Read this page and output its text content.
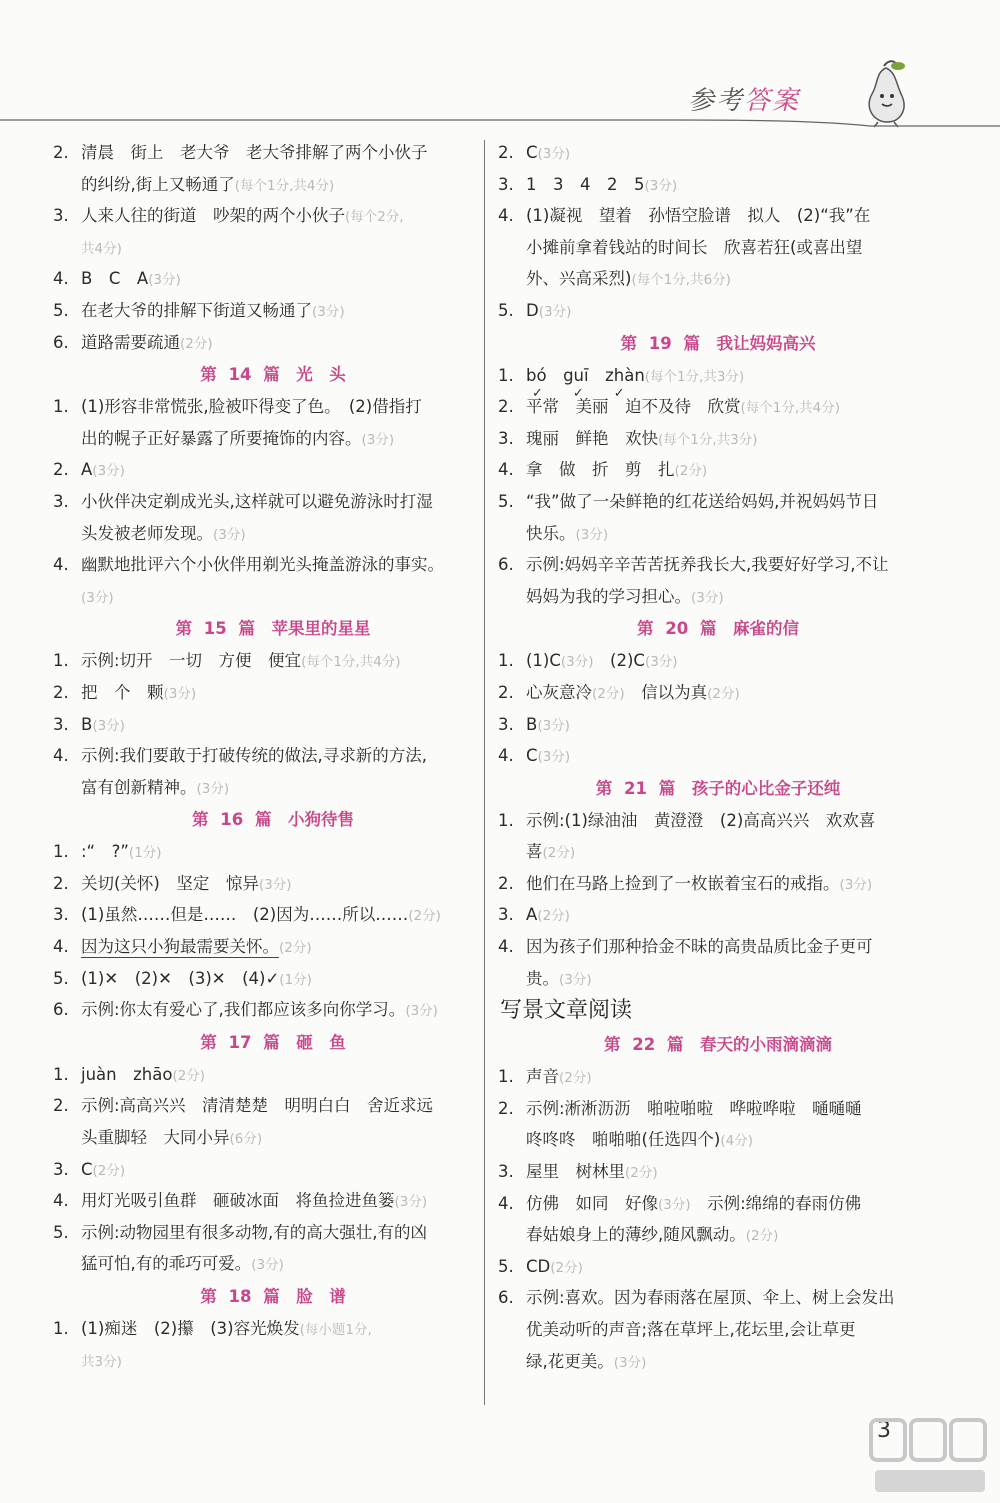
参考答案
2. 清晨　街上　老大爷　老大爷排解了两个小伙子
的纠纷,街上又畅通了(每个1分,共4分)
3. 人来人往的街道　吵架的两个小伙子(每个2分,
共4分)
4. B　C　A(3分)
5. 在老大爷的排解下街道又畅通了(3分)
6. 道路需要疏通(2分)
第 14 篇　光　头
1. (1)形容非常慌张,脸被吓得变了色。　(2)借指打
出的幌子正好暴露了所要掩饰的内容。(3分)
2. A(3分)
3. 小伙伴决定剃成光头,这样就可以避免游泳时打湿
头发被老师发现。(3分)
4. 幽默地批评六个小伙伴用剃光头掩盖游泳的事实。
(3分)
第 15 篇　苹果里的星星
1. 示例:切开　一切　方便　便宜(每个1分,共4分)
2. 把　个　颗(3分)
3. B(3分)
4. 示例:我们要敢于打破传统的做法,寻求新的方法,
富有创新精神。(3分)
第 16 篇　小狗待售
1. :“　?”(1分)
2. 关切(关怀)　坚定　惊异(3分)
3. (1)虽然……但是……　(2)因为……所以……(2分)
4. 因为这只小狗最需要关怀。(2分)
5. (1)✕　(2)✕　(3)✕　(4)✓(1分)
6. 示例:你太有爱心了,我们都应该多向你学习。(3分)
第 17 篇　砸　鱼
1. juàn　zhāo(2分)
2. 示例:高高兴兴　清清楚楚　明明白白　舍近求远
头重脚轻　大同小异(6分)
3. C(2分)
4. 用灯光吸引鱼群　砸破冰面　将鱼捡进鱼篓(3分)
5. 示例:动物园里有很多动物,有的高大强壮,有的凶
猛可怕,有的乖巧可爱。(3分)
第 18 篇　脸　谱
1. (1)痴迷　(2)攥　(3)容光焕发(每小题1分,
共3分)
2. C(3分)
3. 1　3　4　2　5(3分)
4. (1)凝视　望着　孙悟空脸谱　拟人　(2)“我”在
小摊前拿着钱站的时间长　欣喜若狂(或喜出望
外、兴高采烈)(每个1分,共6分)
5. D(3分)
第 19 篇　我让妈妈高兴
1. bó　guī　zhàn(每个1分,共3分)
✓✓✓
2. 平常　美丽　迫不及待　欣赏(每个1分,共4分)
3. 瑰丽　鲜艳　欢快(每个1分,共3分)
4. 拿　做　折　剪　扎(2分)
5. “我”做了一朵鲜艳的红花送给妈妈,并祝妈妈节日
快乐。(3分)
6. 示例:妈妈辛辛苦苦抚养我长大,我要好好学习,不让
妈妈为我的学习担心。(3分)
第 20 篇　麻雀的信
1. (1)C(3分)　(2)C(3分)
2. 心灰意冷(2分)　信以为真(2分)
3. B(3分)
4. C(3分)
第 21 篇　孩子的心比金子还纯
1. 示例:(1)绿油油　黄澄澄　(2)高高兴兴　欢欢喜
喜(2分)
2. 他们在马路上捡到了一枚嵌着宝石的戒指。(3分)
3. A(2分)
4. 因为孩子们那种拾金不昧的高贵品质比金子更可
贵。(3分)
写景文章阅读
第 22 篇　春天的小雨滴滴滴
1. 声音(2分)
2. 示例:淅淅沥沥　啪啦啪啦　哗啦哗啦　嗵嗵嗵
咚咚咚　啪啪啪(任选四个)(4分)
3. 屋里　树林里(2分)
4. 仿佛　如同　好像(3分)　示例:绵绵的春雨仿佛
春姑娘身上的薄纱,随风飘动。(2分)
5. CD(2分)
6. 示例:喜欢。因为春雨落在屋顶、伞上、树上会发出
优美动听的声音;落在草坪上,花坛里,会让草更
绿,花更美。(3分)
3
